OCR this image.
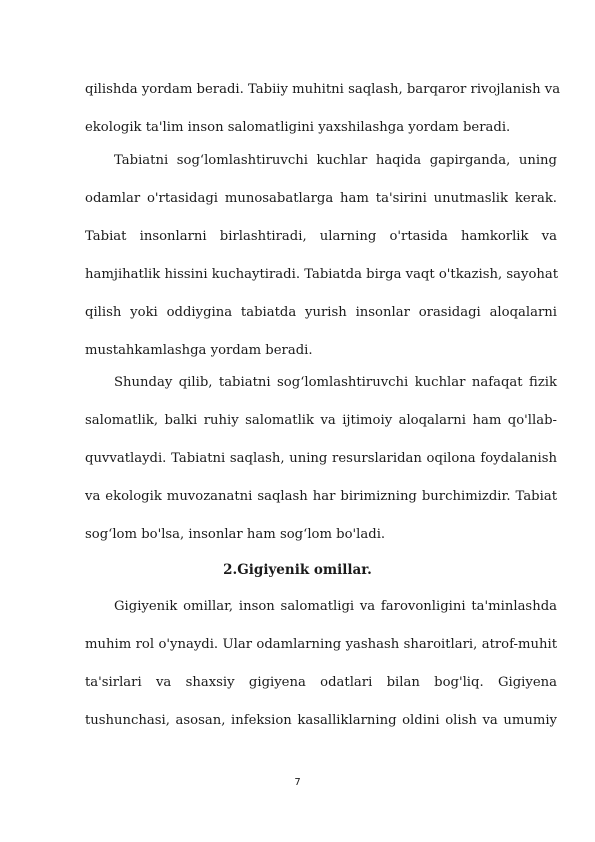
qilishda yordam beradi. Tabiiy muhitni saqlash, barqaror rivojlanish va
ekologik ta'lim inson salomatligini yaxshilashga yordam beradi.
Tabiatni sog‘lomlashtiruvchi kuchlar haqida gapirganda, uning
odamlar o'rtasidagi munosabatlarga ham ta'sirini unutmaslik kerak.
Tabiat insonlarni birlashtiradi, ularning o'rtasida hamkorlik va
hamjihatlik hissini kuchaytiradi. Tabiatda birga vaqt o'tkazish, sayohat
qilish yoki oddiygina tabiatda yurish insonlar orasidagi aloqalarni
mustahkamlashga yordam beradi.
Shunday qilib, tabiatni sog‘lomlashtiruvchi kuchlar nafaqat fizik
salomatlik, balki ruhiy salomatlik va ijtimoiy aloqalarni ham qo'llab-
quvvatlaydi. Tabiatni saqlash, uning resurslaridan oqilona foydalanish
va ekologik muvozanatni saqlash har birimizning burchimizdir. Tabiat
sog‘lom bo'lsa, insonlar ham sog‘lom bo'ladi.
2.Gigiyenik omillar.
Gigiyenik omillar, inson salomatligi va farovonligini ta'minlashda
muhim rol o'ynaydi. Ular odamlarning yashash sharoitlari, atrof-muhit
ta'sirlari va shaxsiy gigiyena odatlari bilan bog'liq. Gigiyena
tushunchasi, asosan, infeksion kasalliklarning oldini olish va umumiy
7
